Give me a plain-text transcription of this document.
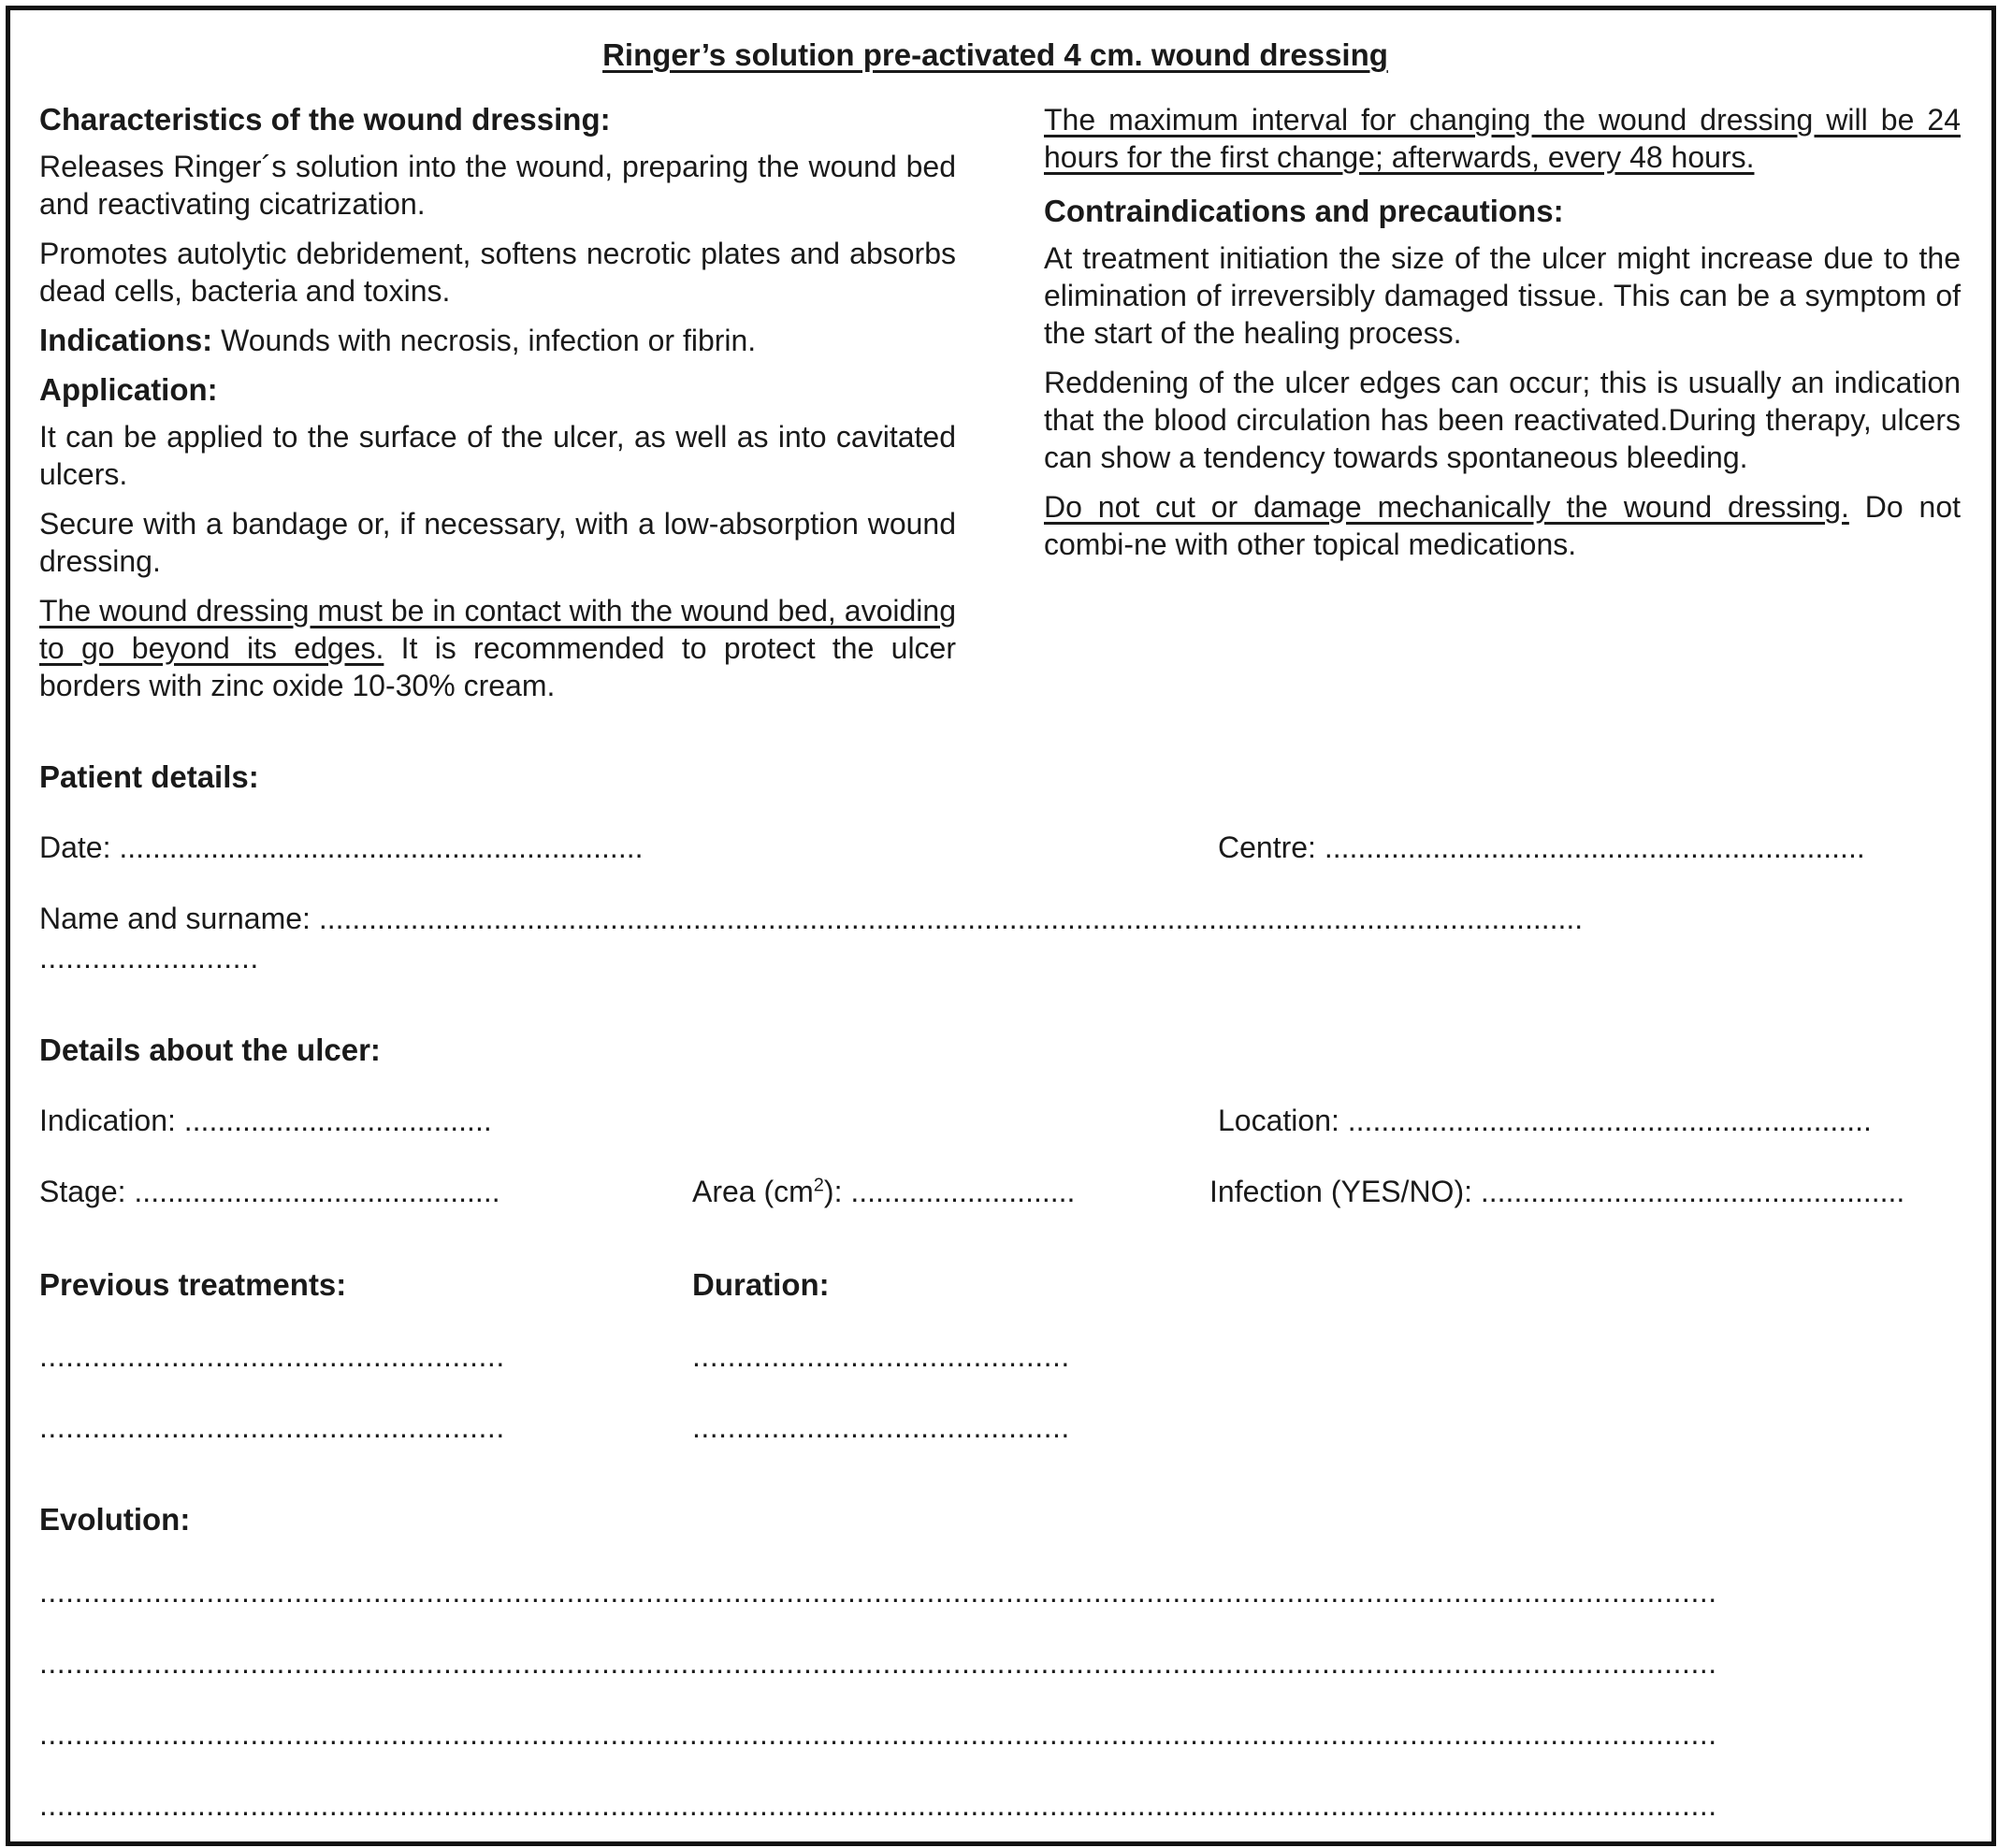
Ringer’s solution pre-activated 4 cm. wound dressing
Characteristics of the wound dressing:
Releases Ringer´s solution into the wound, preparing the wound bed and reactivating cicatrization.
Promotes autolytic debridement, softens necrotic plates and absorbs dead cells, bacteria and toxins.
Indications: Wounds with necrosis, infection or fibrin.
Application:
It can be applied to the surface of the ulcer, as well as into cavitated ulcers.
Secure with a bandage or, if necessary, with a low-absorption wound dressing.
The wound dressing must be in contact with the wound bed, avoiding to go beyond its edges. It is recommended to protect the ulcer borders with zinc oxide 10-30% cream.
The maximum interval for changing the wound dressing will be 24 hours for the first change; afterwards, every 48 hours.
Contraindications and precautions:
At treatment initiation the size of the ulcer might increase due to the elimination of irreversibly damaged tissue. This can be a symptom of the start of the healing process.
Reddening of the ulcer edges can occur; this is usually an indication that the blood circulation has been reactivated.During therapy, ulcers can show a tendency towards spontaneous bleeding.
Do not cut or damage mechanically the wound dressing. Do not combi-ne with other topical medications.
Patient details:
Date: ...............................................................	Centre: .................................................................
Name and surname: ........................................................................................................................................................
.........................
Details about the ulcer:
Indication: .....................................	Location: ...............................................................
Stage: ............................................	Area $(cm^2)$: ...........................	Infection (YES/NO): ...................................................
Previous treatments:	Duration:
.....................................................	...........................................
.....................................................	...........................................
Evolution:
...............................................................................................................................................................................................
...............................................................................................................................................................................................
...............................................................................................................................................................................................
...............................................................................................................................................................................................
